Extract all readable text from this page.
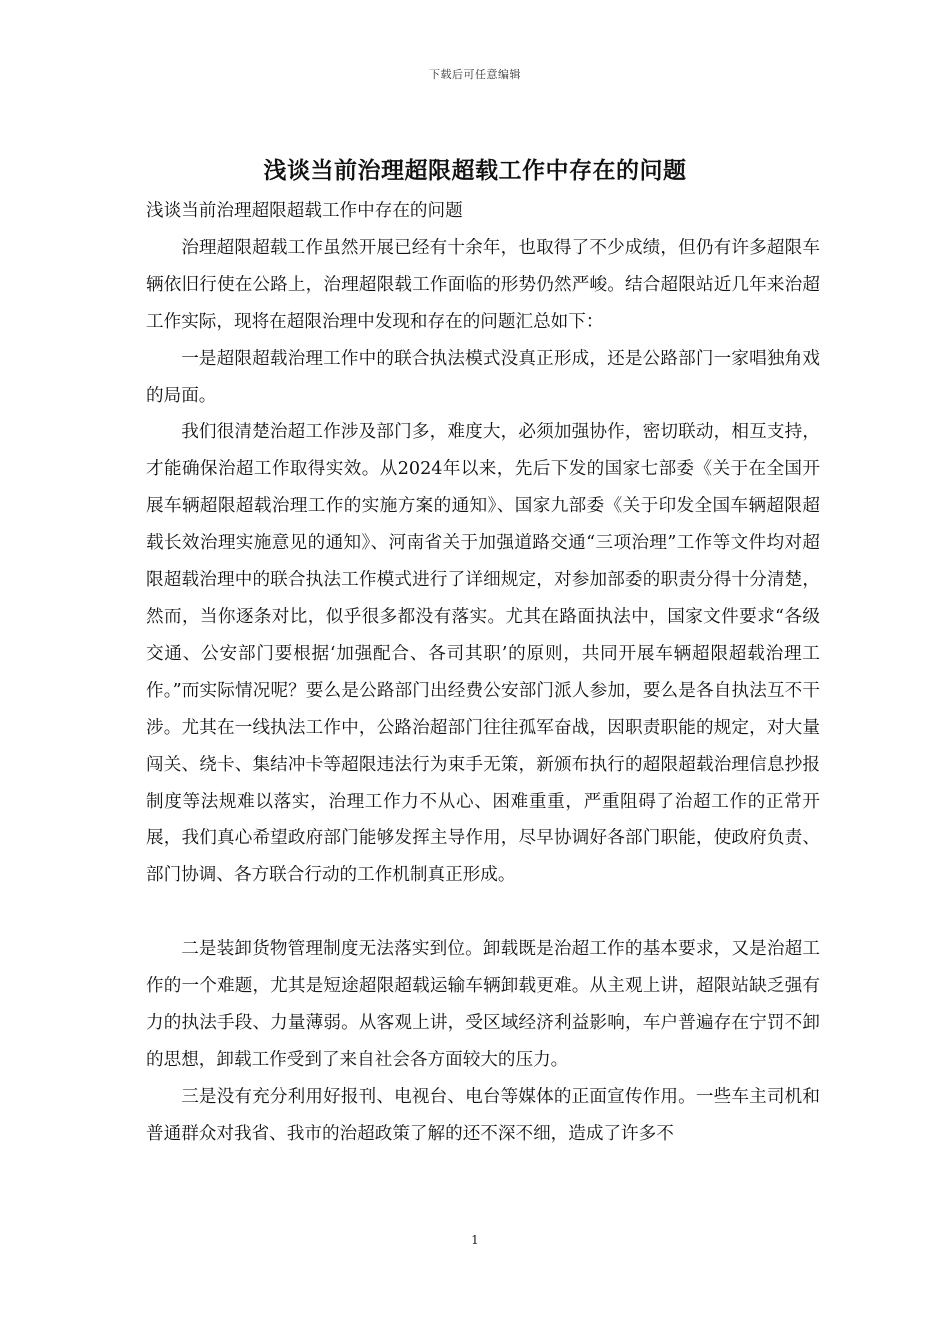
下载后可任意编辑
浅谈当前治理超限超载工作中存在的问题

浅谈当前治理超限超载工作中存在的问题

治理超限超载工作虽然开展已经有十余年，也取得了不少成绩，但仍有许多超限车辆依旧行使在公路上，治理超限载工作面临的形势仍然严峻。结合超限站近几年来治超工作实际，现将在超限治理中发现和存在的问题汇总如下：

一是超限超载治理工作中的联合执法模式没真正形成，还是公路部门一家唱独角戏的局面。

我们很清楚治超工作涉及部门多，难度大，必须加强协作，密切联动，相互支持，才能确保治超工作取得实效。从2024年以来，先后下发的国家七部委《关于在全国开展车辆超限超载治理工作的实施方案的通知》、国家九部委《关于印发全国车辆超限超载长效治理实施意见的通知》、河南省关于加强道路交通“三项治理”工作等文件均对超限超载治理中的联合执法工作模式进行了详细规定，对参加部委的职责分得十分清楚，然而，当你逐条对比，似乎很多都没有落实。尤其在路面执法中，国家文件要求“各级交通、公安部门要根据‘加强配合、各司其职’的原则，共同开展车辆超限超载治理工作。”而实际情况呢？要么是公路部门出经费公安部门派人参加，要么是各自执法互不干涉。尤其在一线执法工作中，公路治超部门往往孤军奋战，因职责职能的规定，对大量闯关、绕卡、集结冲卡等超限违法行为束手无策，新颁布执行的超限超载治理信息抄报制度等法规难以落实，治理工作力不从心、困难重重，严重阻碍了治超工作的正常开展，我们真心希望政府部门能够发挥主导作用，尽早协调好各部门职能，使政府负责、部门协调、各方联合行动的工作机制真正形成。

二是装卸货物管理制度无法落实到位。卸载既是治超工作的基本要求，又是治超工作的一个难题，尤其是短途超限超载运输车辆卸载更难。从主观上讲，超限站缺乏强有力的执法手段、力量薄弱。从客观上讲，受区域经济利益影响，车户普遍存在宁罚不卸的思想，卸载工作受到了来自社会各方面较大的压力。

三是没有充分利用好报刊、电视台、电台等媒体的正面宣传作用。一些车主司机和普通群众对我省、我市的治超政策了解的还不深不细，造成了许多不

1
